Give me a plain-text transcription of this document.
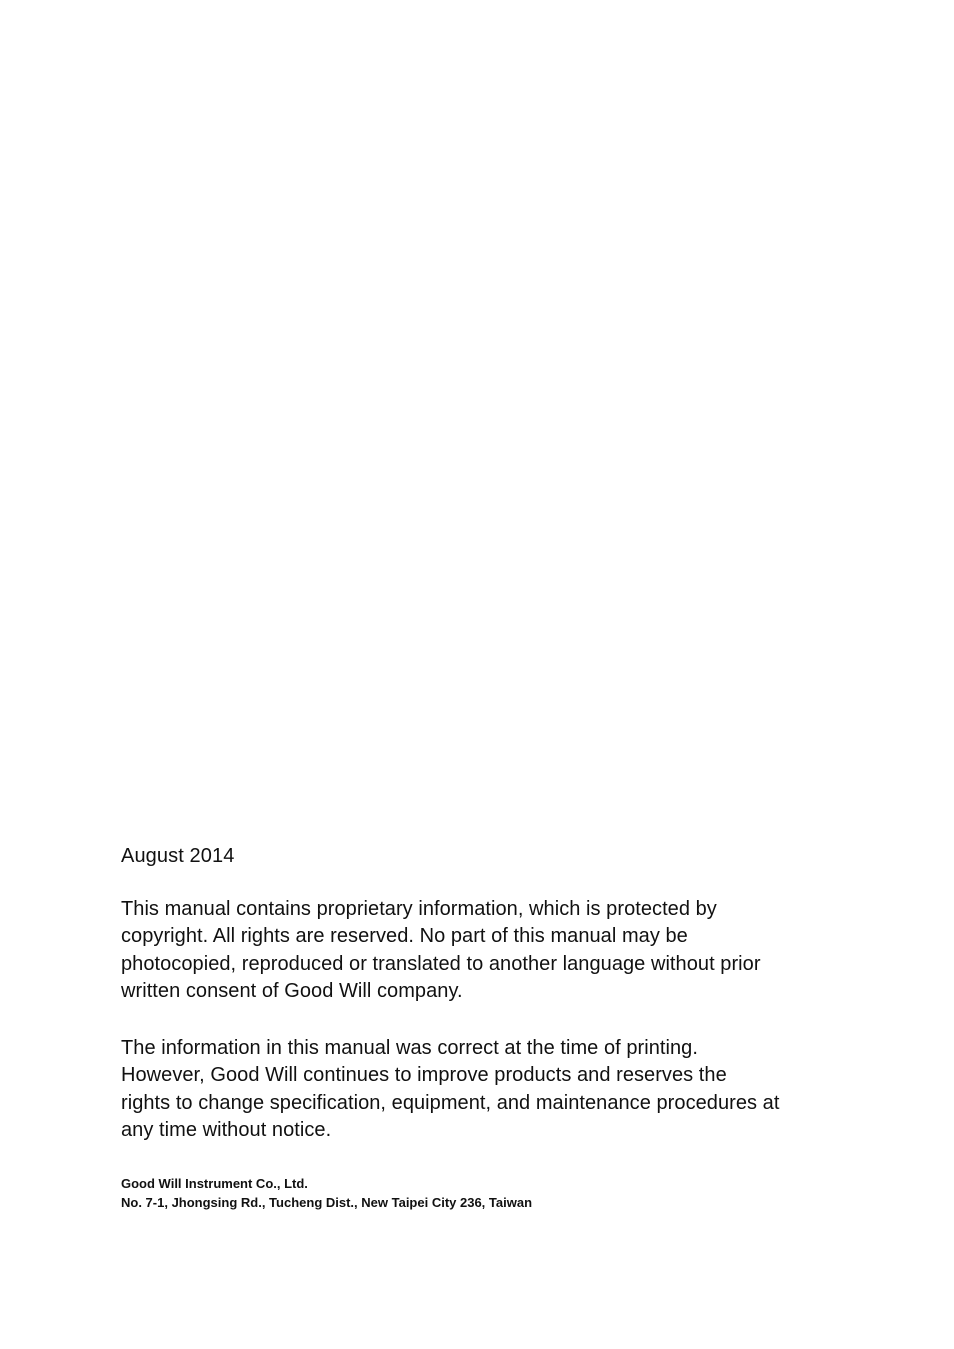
August 2014

This manual contains proprietary information, which is protected by copyright. All rights are reserved. No part of this manual may be photocopied, reproduced or translated to another language without prior written consent of Good Will company.

The information in this manual was correct at the time of printing. However, Good Will continues to improve products and reserves the rights to change specification, equipment, and maintenance procedures at any time without notice.

Good Will Instrument Co., Ltd.
No. 7-1, Jhongsing Rd., Tucheng Dist., New Taipei City 236, Taiwan
